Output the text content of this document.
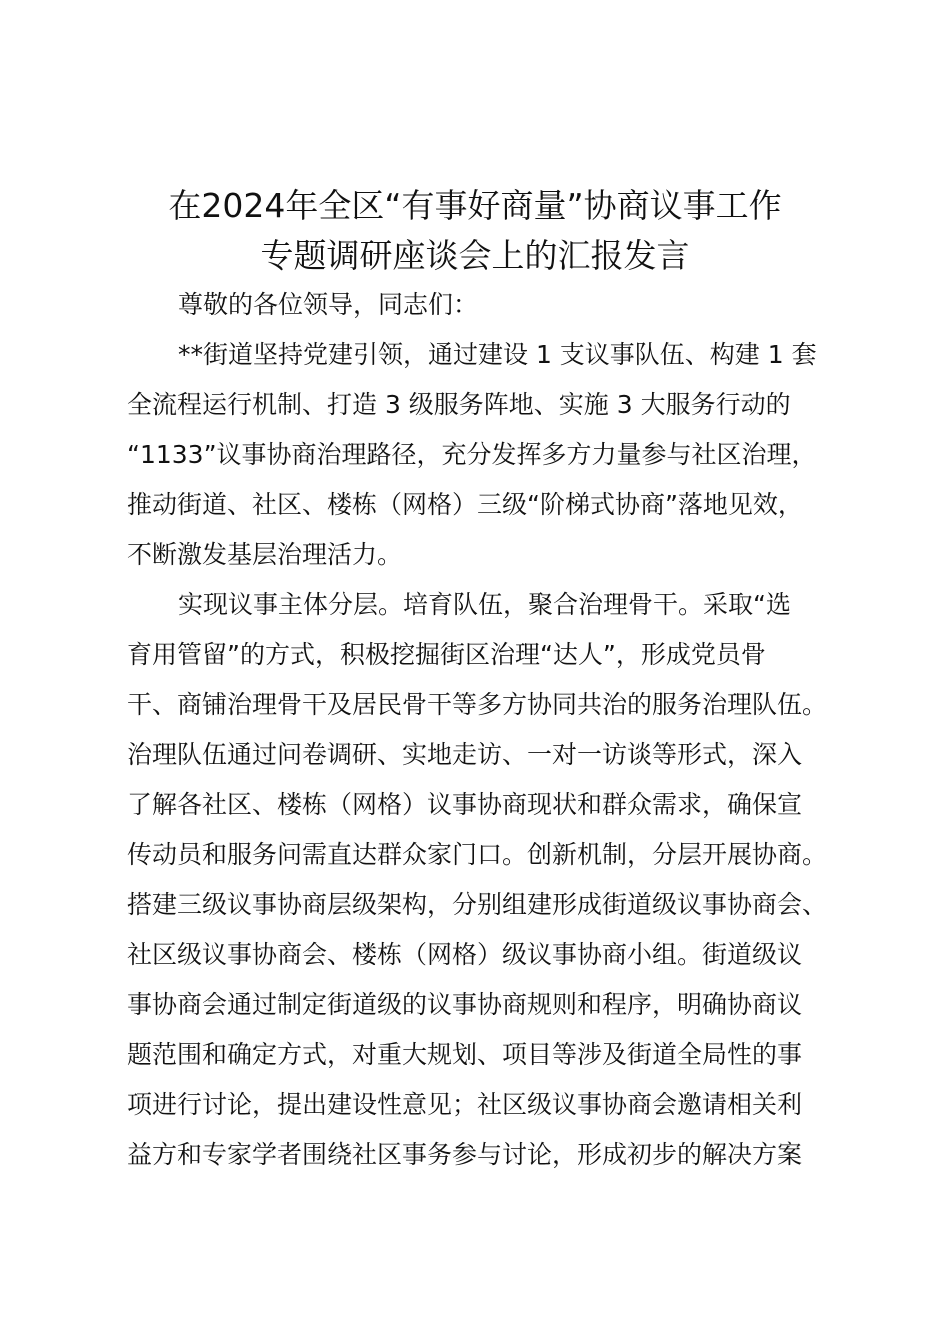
在2024年全区“有事好商量”协商议事工作
专题调研座谈会上的汇报发言
尊敬的各位领导，同志们：
**街道坚持党建引领，通过建设 1 支议事队伍、构建 1 套
全流程运行机制、打造 3 级服务阵地、实施 3 大服务行动的
“1133”议事协商治理路径，充分发挥多方力量参与社区治理，
推动街道、社区、楼栋（网格）三级“阶梯式协商”落地见效，
不断激发基层治理活力。
实现议事主体分层。培育队伍，聚合治理骨干。采取“选
育用管留”的方式，积极挖掘街区治理“达人”，形成党员骨
干、商铺治理骨干及居民骨干等多方协同共治的服务治理队伍。
治理队伍通过问卷调研、实地走访、一对一访谈等形式，深入
了解各社区、楼栋（网格）议事协商现状和群众需求，确保宣
传动员和服务问需直达群众家门口。创新机制，分层开展协商。
搭建三级议事协商层级架构，分别组建形成街道级议事协商会、
社区级议事协商会、楼栋（网格）级议事协商小组。街道级议
事协商会通过制定街道级的议事协商规则和程序，明确协商议
题范围和确定方式，对重大规划、项目等涉及街道全局性的事
项进行讨论，提出建设性意见；社区级议事协商会邀请相关利
益方和专家学者围绕社区事务参与讨论，形成初步的解决方案
